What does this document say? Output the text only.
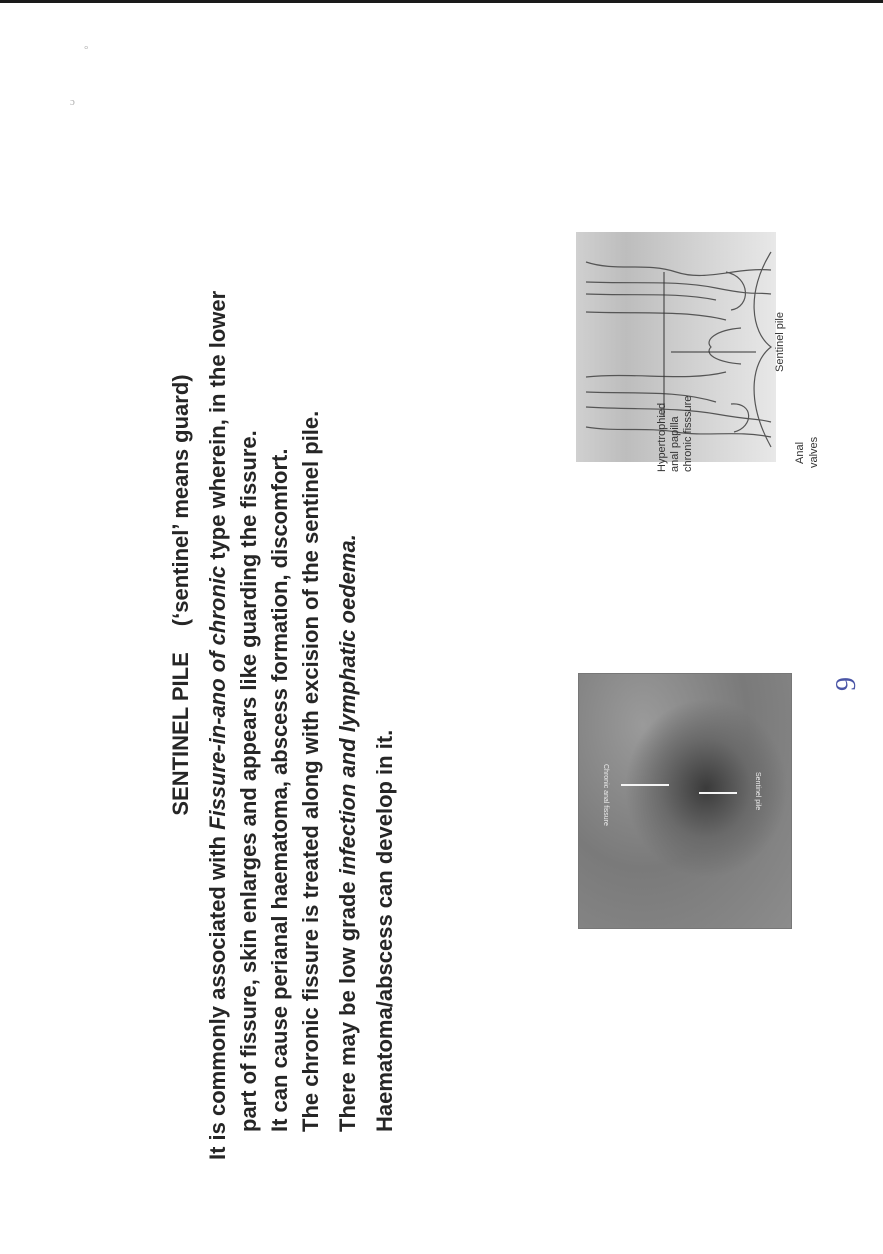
°
ɔ
SENTINEL PILE(‘sentinel’ means guard)
It is commonly associated with Fissure-in-ano of chronic type wherein, in the lower
part of fissure, skin enlarges and appears like guarding the fissure. It can cause perianal haematoma, abscess formation, discomfort. The chronic fissure is treated along with excision of the sentinel pile. There may be low grade infection and lymphatic oedema.
Haematoma/abscess can develop in it.
Hypertrophied anal papilla chronic fisssure	Anal valves
Sentinel pile
Chronic anal fissure	Sentinel pile
9
